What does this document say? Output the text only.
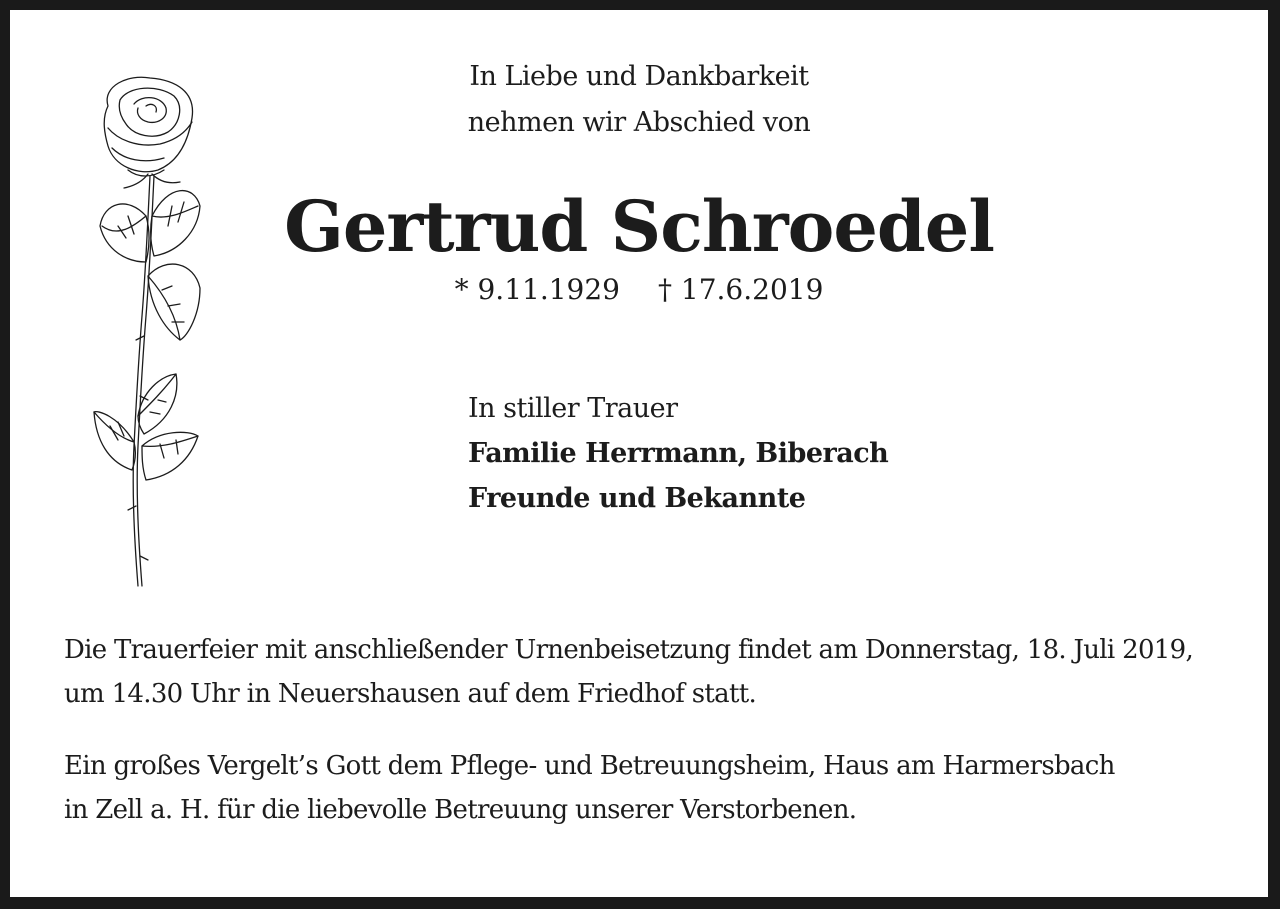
In Liebe und Dankbarkeit
nehmen wir Abschied von
Gertrud Schroedel
* 9.11.1929 † 17.6.2019
In stiller Trauer
Familie Herrmann, Biberach
Freunde und Bekannte
Die Trauerfeier mit anschließender Urnenbeisetzung findet am Donnerstag, 18. Juli 2019,
um 14.30 Uhr in Neuershausen auf dem Friedhof statt.
Ein großes Vergelt’s Gott dem Pflege- und Betreuungsheim, Haus am Harmersbach
in Zell a. H. für die liebevolle Betreuung unserer Verstorbenen.
